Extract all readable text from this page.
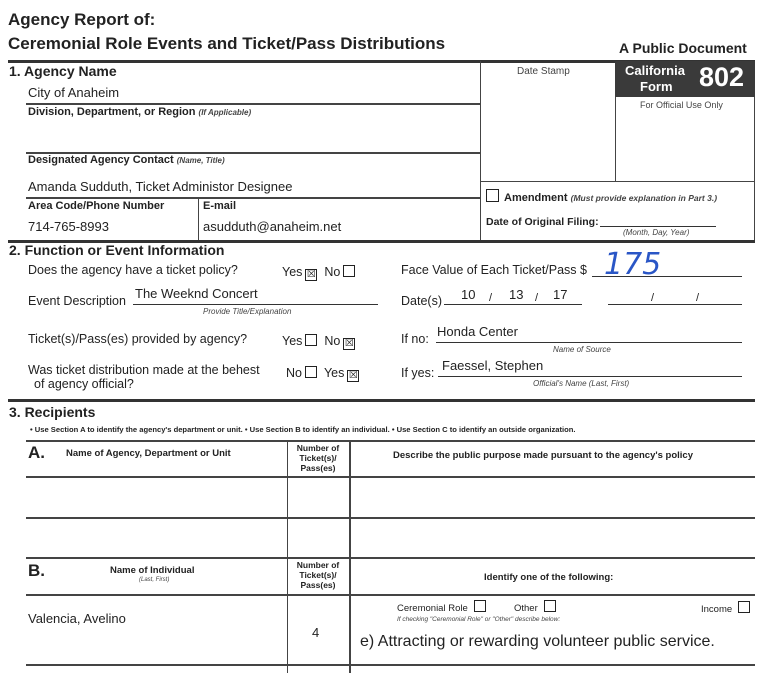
Agency Report of:
Ceremonial Role Events and Ticket/Pass Distributions	A Public Document
California
Form 802
For Official Use Only
Date Stamp
1. Agency Name
City of Anaheim
Division, Department, or Region (If Applicable)
Designated Agency Contact (Name, Title)
Amanda Sudduth, Ticket Administor Designee
Area Code/Phone Number	E-mail
714-765-8993	asudduth@anaheim.net
Amendment (Must provide explanation in Part 3.)
Date of Original Filing:
(Month, Day, Year)
2. Function or Event Information
Does the agency have a ticket policy?	Yes ☒ No	Face Value of Each Ticket/Pass $ 175
Event Description The Weeknd Concert
Provide Title/Explanation
Date(s) 10 / 13 / 17	/	/
Ticket(s)/Pass(es) provided by agency?	Yes No ☒	If no: Honda Center
Name of Source
Was ticket distribution made at the behest
of agency official?
No Yes ☒	If yes: Faessel, Stephen
Official's Name (Last, First)
3. Recipients
• Use Section A to identify the agency's department or unit. • Use Section B to identify an individual. • Use Section C to identify an outside organization.
A. Name of Agency, Department or Unit	Number of
Ticket(s)/
Pass(es)
Describe the public purpose made pursuant to the agency's policy
B.	Name of Individual
(Last, First)
Number of
Ticket(s)/
Pass(es)
Identify one of the following:
Valencia, Avelino
4
Ceremonial Role	Other	Income
If checking "Ceremonial Role" or "Other" describe below:
e) Attracting or rewarding volunteer public service.
